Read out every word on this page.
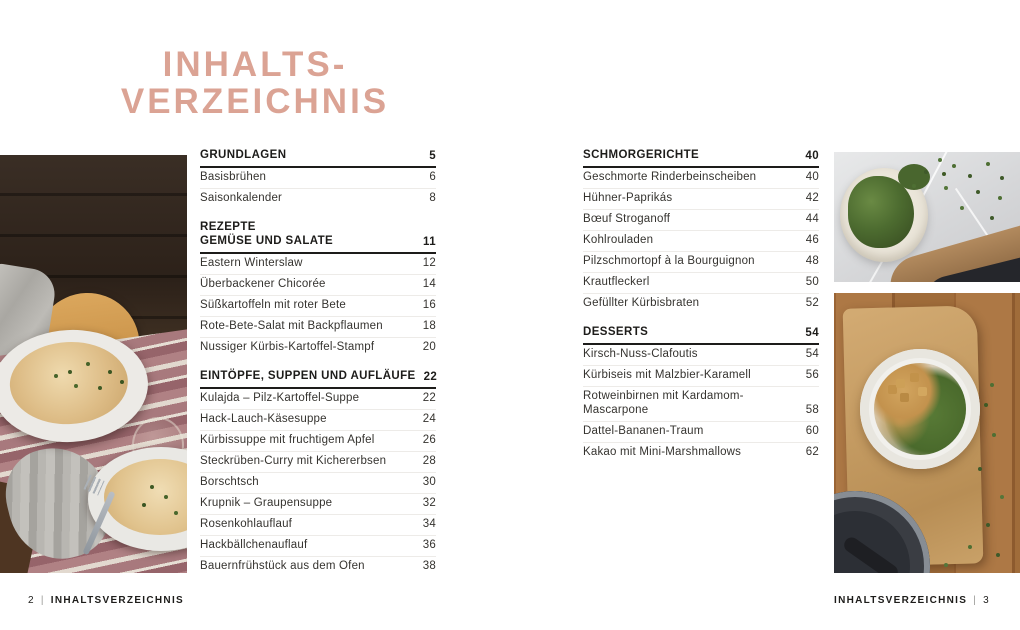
INHALTS-
VERZEICHNIS
GRUNDLAGEN	5
Basisbrühen	6
Saisonkalender	8
REZEPTE
GEMÜSE UND SALATE	11
Eastern Winterslaw	12
Überbackener Chicorée	14
Süßkartoffeln mit roter Bete	16
Rote-Bete-Salat mit Backpflaumen	18
Nussiger Kürbis-Kartoffel-Stampf	20
EINTÖPFE, SUPPEN UND AUFLÄUFE 22
Kulajda – Pilz-Kartoffel-Suppe	22
Hack-Lauch-Käsesuppe	24
Kürbissuppe mit fruchtigem Apfel	26
Steckrüben-Curry mit Kichererbsen	28
Borschtsch	30
Krupnik – Graupensuppe	32
Rosenkohlauflauf	34
Hackbällchenauflauf	36
Bauernfrühstück aus dem Ofen	38
SCHMORGERICHTE	40
Geschmorte Rinderbeinscheiben	40
Hühner-Paprikás	42
Bœuf Stroganoff	44
Kohlrouladen	46
Pilzschmortopf à la Bourguignon	48
Krautfleckerl	50
Gefüllter Kürbisbraten	52
DESSERTS	54
Kirsch-Nuss-Clafoutis	54
Kürbiseis mit Malzbier-Karamell	56
Rotweinbirnen mit Kardamom-
Mascarpone	58
Dattel-Bananen-Traum	60
Kakao mit Mini-Marshmallows	62
2 | INHALTSVERZEICHNIS	INHALTSVERZEICHNIS | 3
